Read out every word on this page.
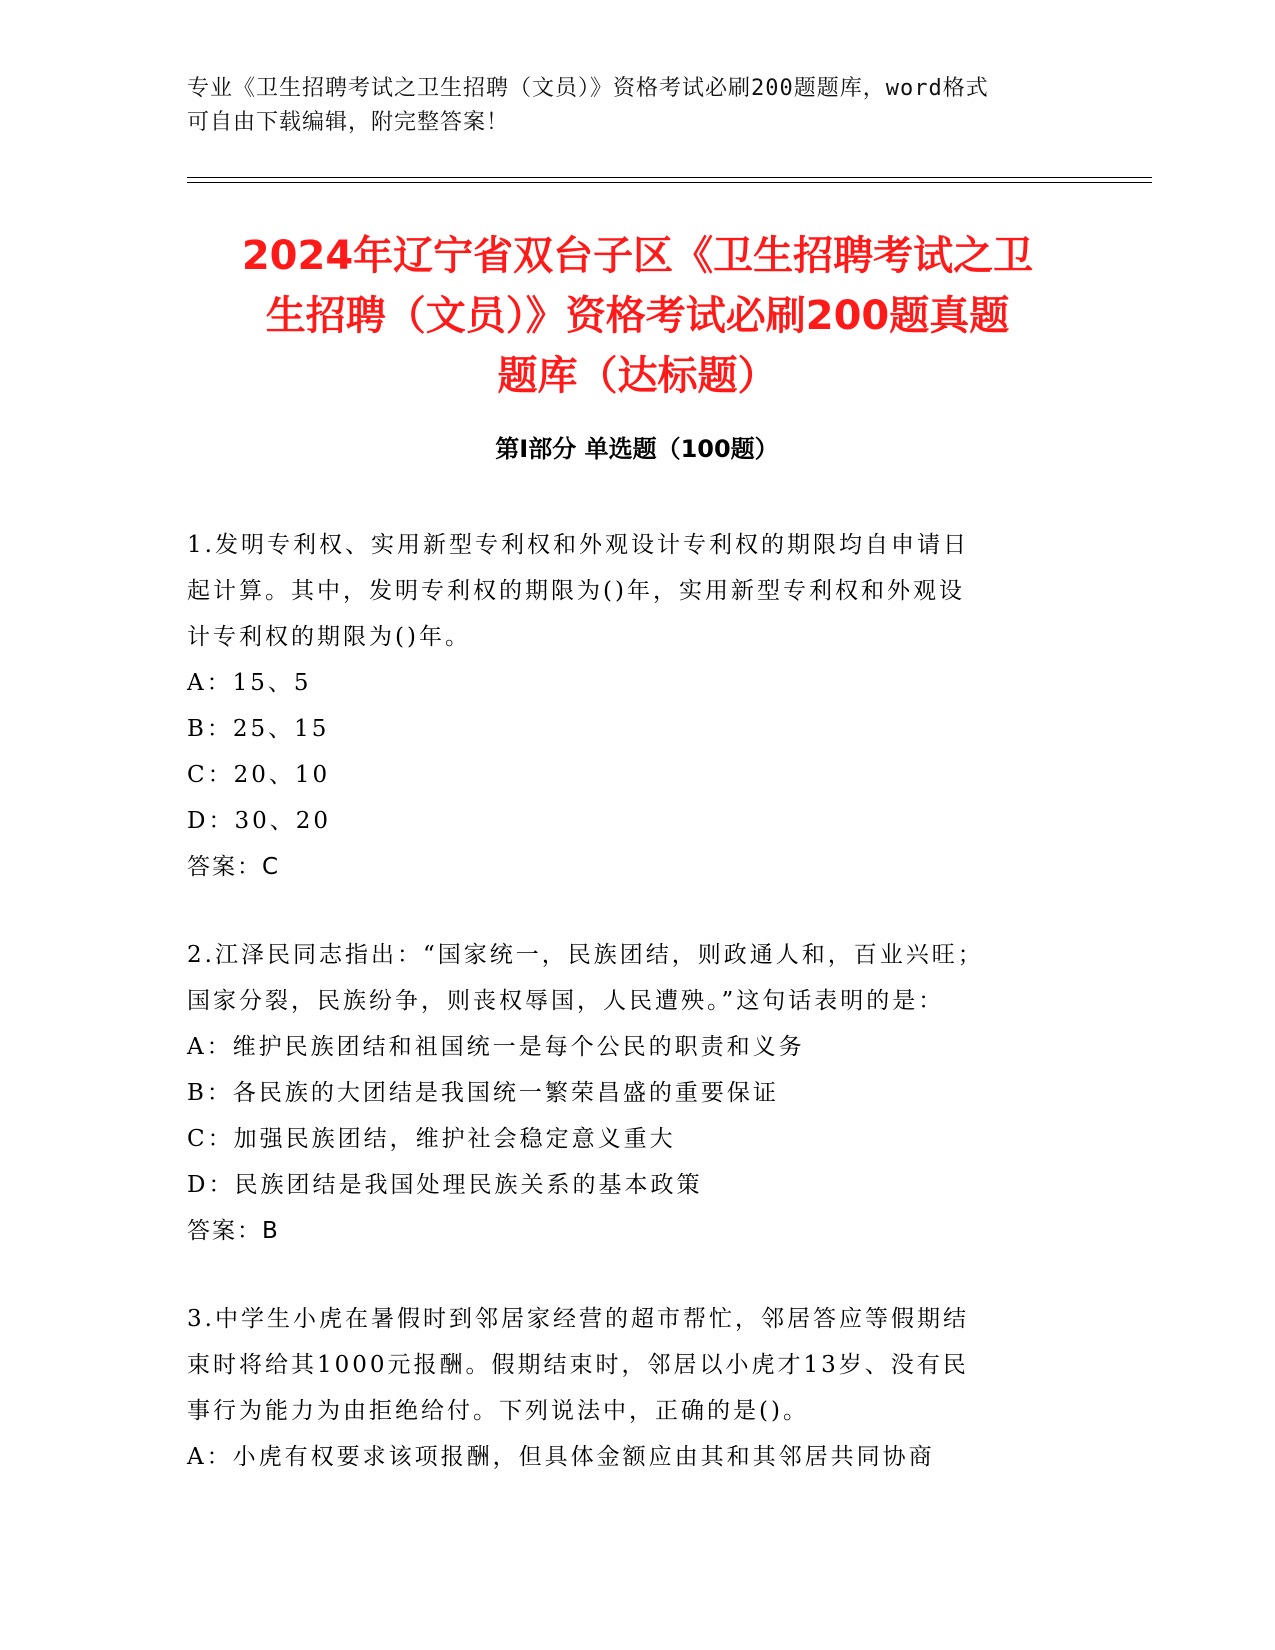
专业《卫生招聘考试之卫生招聘（文员）》资格考试必刷200题题库，word格式
可自由下载编辑，附完整答案！
2024年辽宁省双台子区《卫生招聘考试之卫
生招聘（文员）》资格考试必刷200题真题
题库（达标题）
第Ⅰ部分 单选题（100题）

1.发明专利权、实用新型专利权和外观设计专利权的期限均自申请日

起计算。其中，发明专利权的期限为()年，实用新型专利权和外观设

计专利权的期限为()年。

A：15、5

B：25、15

C：20、10

D：30、20

答案：C

2.江泽民同志指出：“国家统一，民族团结，则政通人和，百业兴旺；

国家分裂，民族纷争，则丧权辱国，人民遭殃。”这句话表明的是：

A：维护民族团结和祖国统一是每个公民的职责和义务

B：各民族的大团结是我国统一繁荣昌盛的重要保证

C：加强民族团结，维护社会稳定意义重大

D：民族团结是我国处理民族关系的基本政策

答案：B

3.中学生小虎在暑假时到邻居家经营的超市帮忙，邻居答应等假期结

束时将给其1000元报酬。假期结束时，邻居以小虎才13岁、没有民

事行为能力为由拒绝给付。下列说法中，正确的是()。

A：小虎有权要求该项报酬，但具体金额应由其和其邻居共同协商
